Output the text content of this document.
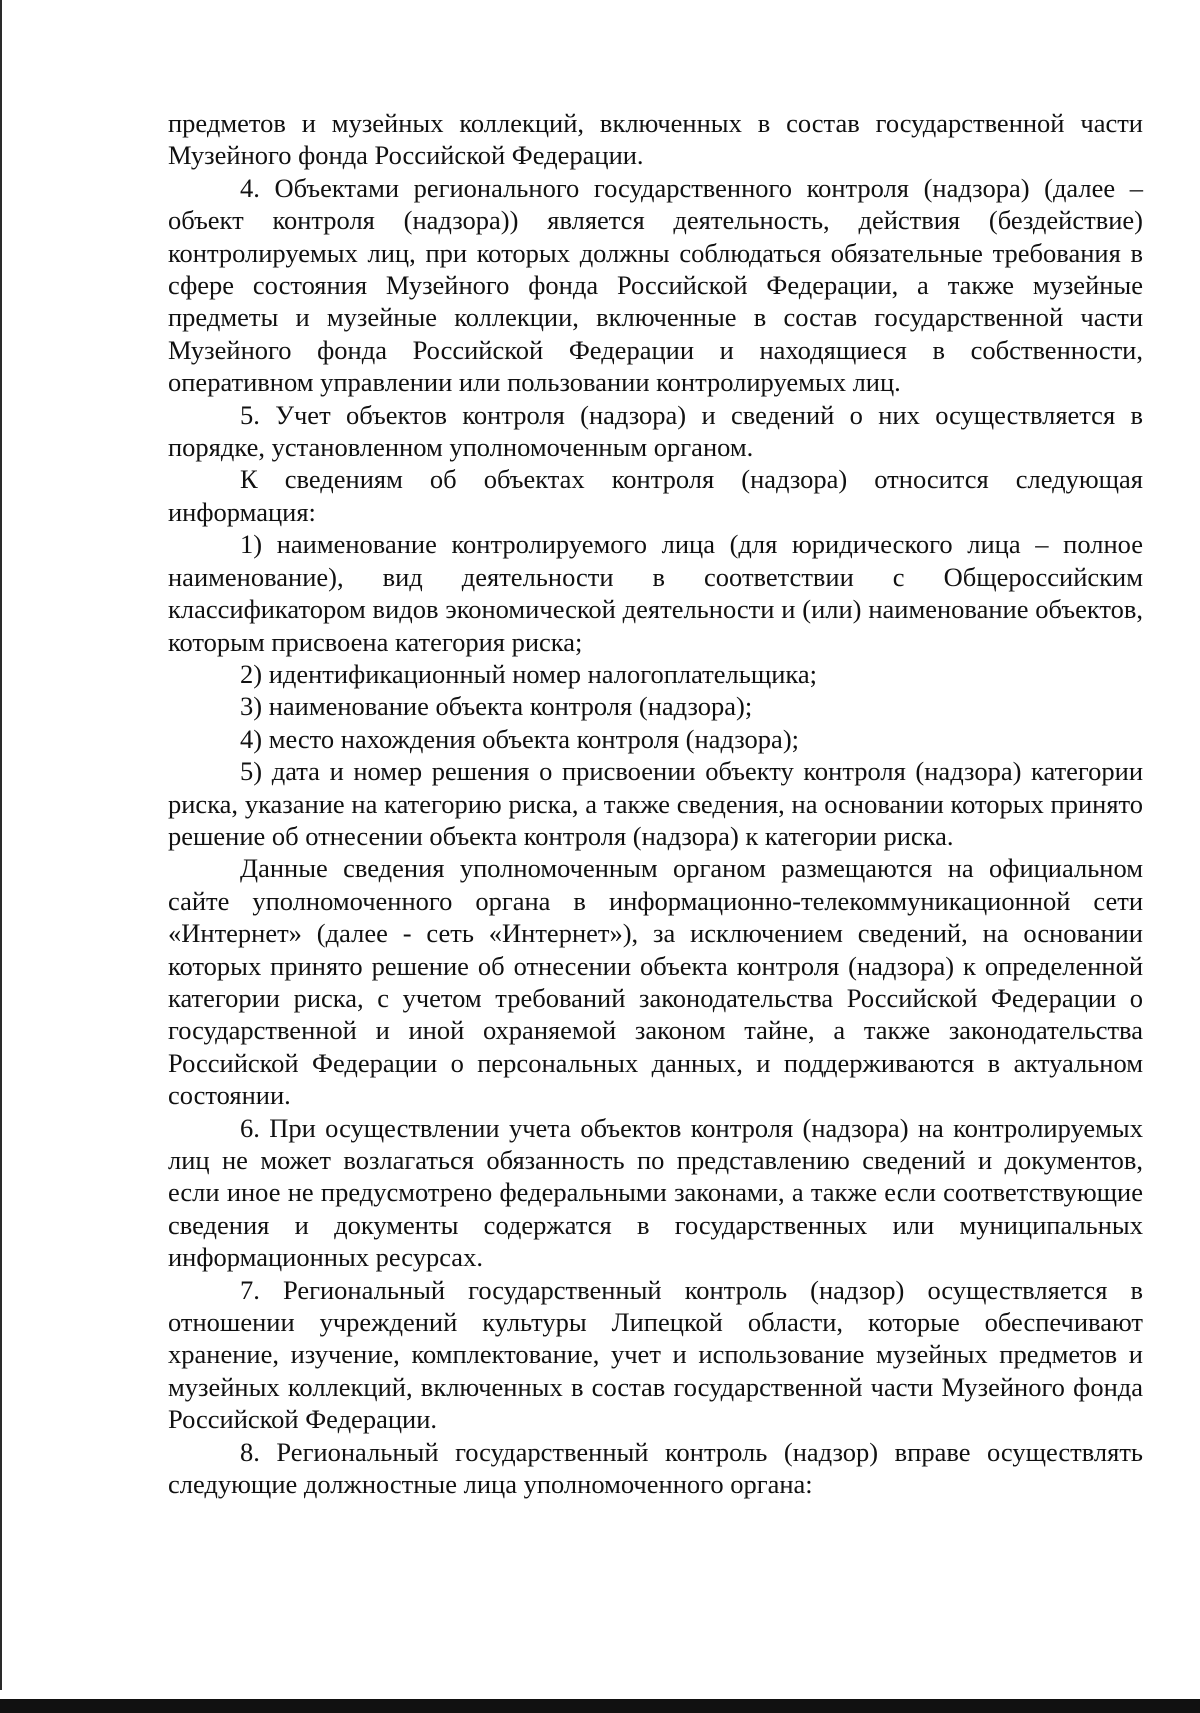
предметов и музейных коллекций, включенных в состав государственной части Музейного фонда Российской Федерации.

4. Объектами регионального государственного контроля (надзора) (далее – объект контроля (надзора)) является деятельность, действия (бездействие) контролируемых лиц, при которых должны соблюдаться обязательные требования в сфере состояния Музейного фонда Российской Федерации, а также музейные предметы и музейные коллекции, включенные в состав государственной части Музейного фонда Российской Федерации и находящиеся в собственности, оперативном управлении или пользовании контролируемых лиц.

5. Учет объектов контроля (надзора) и сведений о них осуществляется в порядке, установленном уполномоченным органом.

К сведениям об объектах контроля (надзора) относится следующая информация:

1) наименование контролируемого лица (для юридического лица – полное наименование), вид деятельности в соответствии с Общероссийским классификатором видов экономической деятельности и (или) наименование объектов, которым присвоена категория риска;

2) идентификационный номер налогоплательщика;

3) наименование объекта контроля (надзора);

4) место нахождения объекта контроля (надзора);

5) дата и номер решения о присвоении объекту контроля (надзора) категории риска, указание на категорию риска, а также сведения, на основании которых принято решение об отнесении объекта контроля (надзора) к категории риска.

Данные сведения уполномоченным органом размещаются на официальном сайте уполномоченного органа в информационно-телекоммуникационной сети «Интернет» (далее - сеть «Интернет»), за исключением сведений, на основании которых принято решение об отнесении объекта контроля (надзора) к определенной категории риска, с учетом требований законодательства Российской Федерации о государственной и иной охраняемой законом тайне, а также законодательства Российской Федерации о персональных данных, и поддерживаются в актуальном состоянии.

6. При осуществлении учета объектов контроля (надзора) на контролируемых лиц не может возлагаться обязанность по представлению сведений и документов, если иное не предусмотрено федеральными законами, а также если соответствующие сведения и документы содержатся в государственных или муниципальных информационных ресурсах.

7. Региональный государственный контроль (надзор) осуществляется в отношении учреждений культуры Липецкой области, которые обеспечивают хранение, изучение, комплектование, учет и использование музейных предметов и музейных коллекций, включенных в состав государственной части Музейного фонда Российской Федерации.

8. Региональный государственный контроль (надзор) вправе осуществлять следующие должностные лица уполномоченного органа:
